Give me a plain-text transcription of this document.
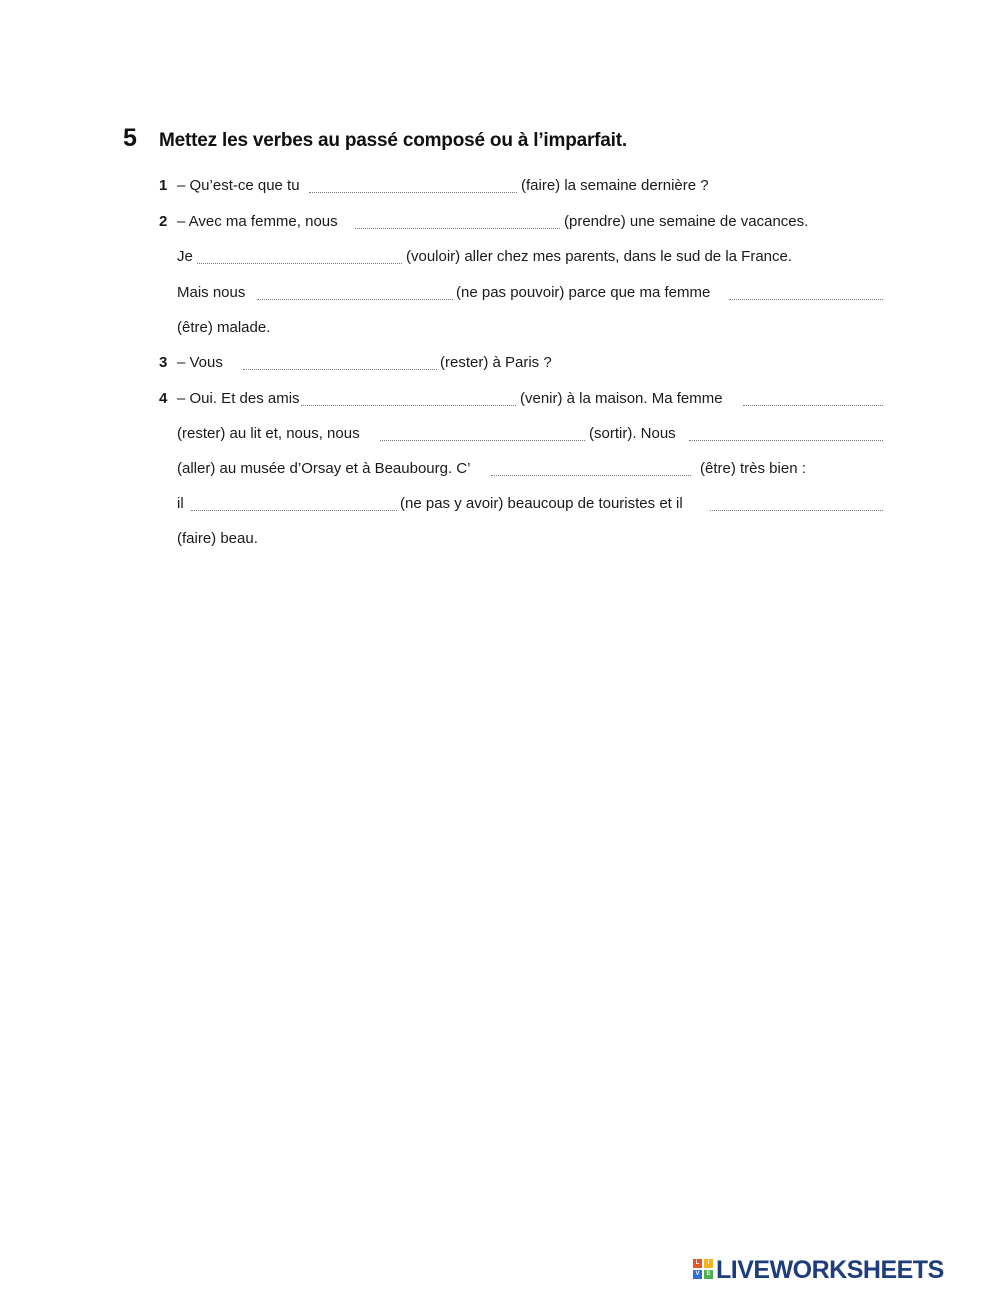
5 Mettez les verbes au passé composé ou à l’imparfait.
1 – Qu’est-ce que tu	(faire) la semaine dernière ?
2 – Avec ma femme, nous	(prendre) une semaine de vacances.
Je	(vouloir) aller chez mes parents, dans le sud de la France.
Mais nous	(ne pas pouvoir) parce que ma femme
(être) malade.
3 – Vous	(rester) à Paris ?
4 – Oui. Et des amis	(venir) à la maison. Ma femme
(rester) au lit et, nous, nous	(sortir). Nous
(aller) au musée d’Orsay et à Beaubourg. C’	(être) très bien :
il	(ne pas y avoir) beaucoup de touristes et il
(faire) beau.
L	I
V	E LIVEWORKSHEETS
